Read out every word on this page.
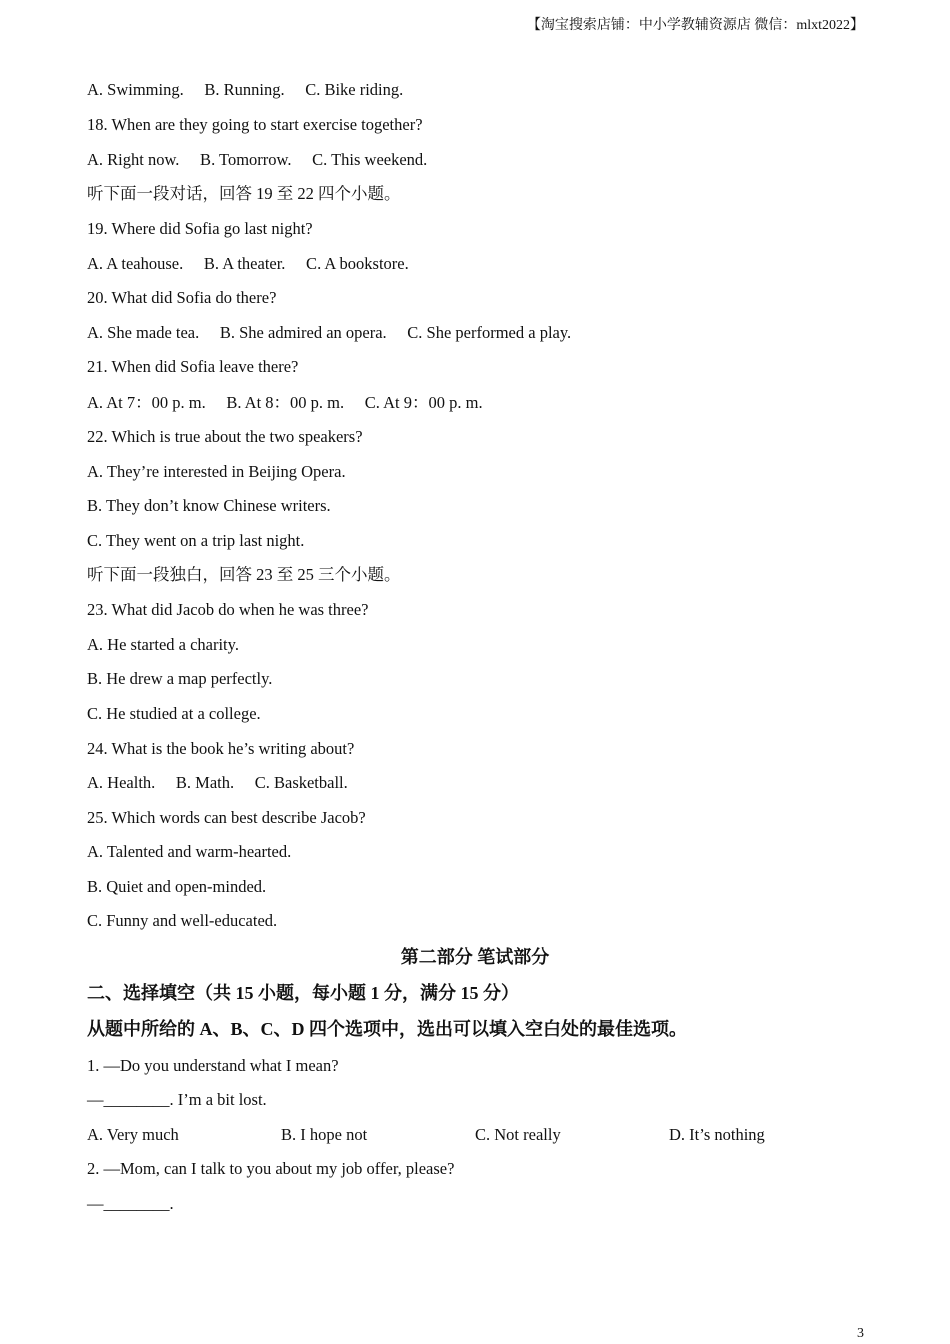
【淘宝搜索店铺：中小学教辅资源店 微信：mlxt2022】
A. Swimming.     B. Running.     C. Bike riding.
18. When are they going to start exercise together?
A. Right now.     B. Tomorrow.     C. This weekend.
听下面一段对话，回答 19 至 22 四个小题。
19. Where did Sofia go last night?
A. A teahouse.     B. A theater.     C. A bookstore.
20. What did Sofia do there?
A. She made tea.     B. She admired an opera.     C. She performed a play.
21. When did Sofia leave there?
A. At 7：00 p. m.     B. At 8：00 p. m.     C. At 9：00 p. m.
22. Which is true about the two speakers?
A. They’re interested in Beijing Opera.
B. They don’t know Chinese writers.
C. They went on a trip last night.
听下面一段独白，回答 23 至 25 三个小题。
23. What did Jacob do when he was three?
A. He started a charity.
B. He drew a map perfectly.
C. He studied at a college.
24. What is the book he’s writing about?
A. Health.     B. Math.     C. Basketball.
25. Which words can best describe Jacob?
A. Talented and warm-hearted.
B. Quiet and open-minded.
C. Funny and well-educated.
第二部分 笔试部分
二、选择填空（共 15 小题，每小题 1 分，满分 15 分）
从题中所给的 A、B、C、D 四个选项中，选出可以填入空白处的最佳选项。
1. —Do you understand what I mean?
—________. I’m a bit lost.
A. Very much	B. I hope not	C. Not really	D. It’s nothing
2. —Mom, can I talk to you about my job offer, please?
—________.
3
